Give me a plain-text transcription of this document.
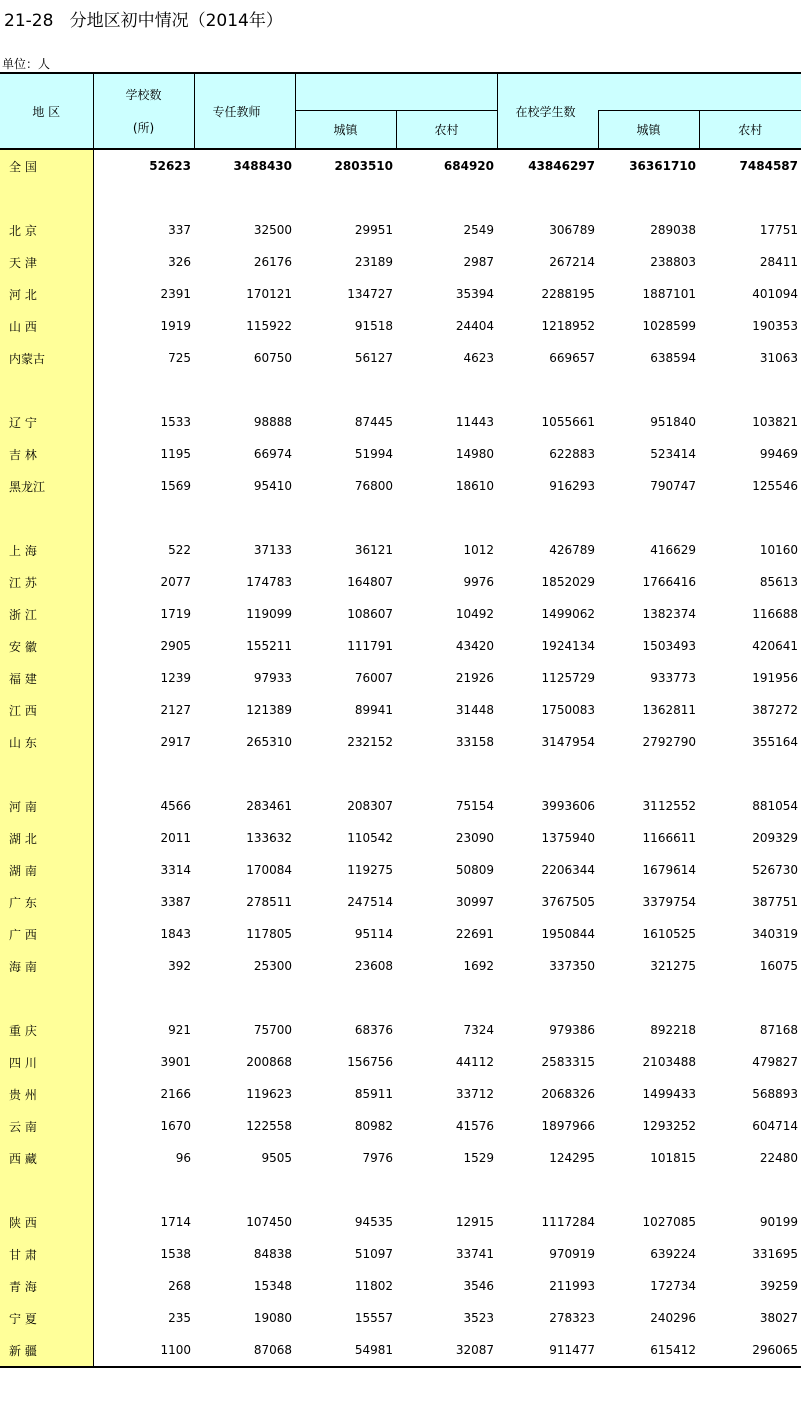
21-28   分地区初中情况（2014年）
单位：人
地 区	学校数
(所)	专任教师			在校学生数		
			城镇	农村		城镇	农村
全 国	52623	3488430	2803510	684920	43846297	36361710	7484587

北 京	337	32500	29951	2549	306789	289038	17751
天 津	326	26176	23189	2987	267214	238803	28411
河 北	2391	170121	134727	35394	2288195	1887101	401094
山 西	1919	115922	91518	24404	1218952	1028599	190353
内蒙古	725	60750	56127	4623	669657	638594	31063

辽 宁	1533	98888	87445	11443	1055661	951840	103821
吉 林	1195	66974	51994	14980	622883	523414	99469
黑龙江	1569	95410	76800	18610	916293	790747	125546

上 海	522	37133	36121	1012	426789	416629	10160
江 苏	2077	174783	164807	9976	1852029	1766416	85613
浙 江	1719	119099	108607	10492	1499062	1382374	116688
安 徽	2905	155211	111791	43420	1924134	1503493	420641
福 建	1239	97933	76007	21926	1125729	933773	191956
江 西	2127	121389	89941	31448	1750083	1362811	387272
山 东	2917	265310	232152	33158	3147954	2792790	355164

河 南	4566	283461	208307	75154	3993606	3112552	881054
湖 北	2011	133632	110542	23090	1375940	1166611	209329
湖 南	3314	170084	119275	50809	2206344	1679614	526730
广 东	3387	278511	247514	30997	3767505	3379754	387751
广 西	1843	117805	95114	22691	1950844	1610525	340319
海 南	392	25300	23608	1692	337350	321275	16075

重 庆	921	75700	68376	7324	979386	892218	87168
四 川	3901	200868	156756	44112	2583315	2103488	479827
贵 州	2166	119623	85911	33712	2068326	1499433	568893
云 南	1670	122558	80982	41576	1897966	1293252	604714
西 藏	96	9505	7976	1529	124295	101815	22480

陕 西	1714	107450	94535	12915	1117284	1027085	90199
甘 肃	1538	84838	51097	33741	970919	639224	331695
青 海	268	15348	11802	3546	211993	172734	39259
宁 夏	235	19080	15557	3523	278323	240296	38027
新 疆	1100	87068	54981	32087	911477	615412	296065
